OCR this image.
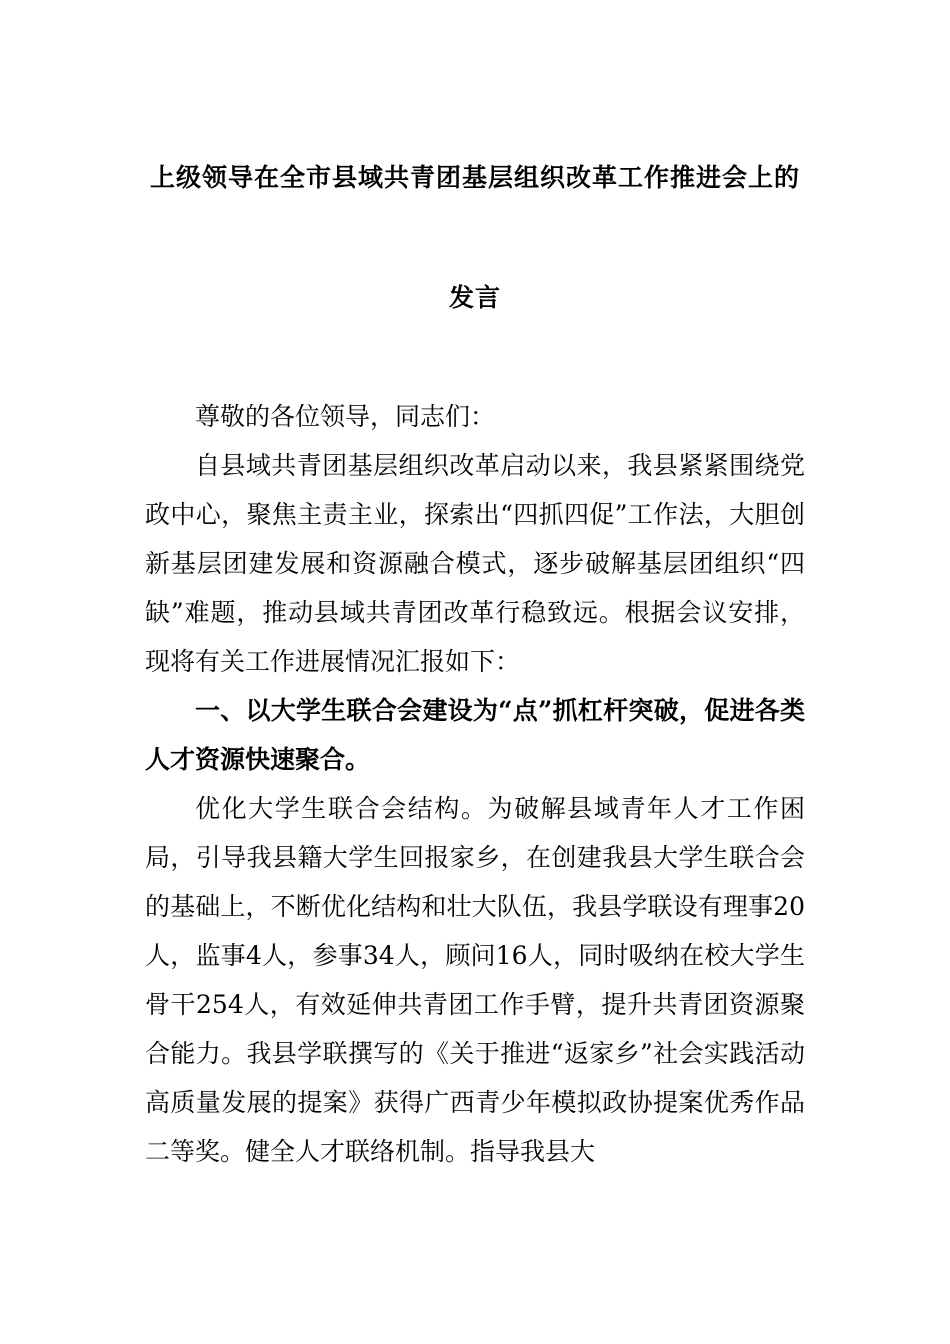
上级领导在全市县域共青团基层组织改革工作推进会上的
发言

尊敬的各位领导，同志们：

自县域共青团基层组织改革启动以来，我县紧紧围绕党政中心，聚焦主责主业，探索出“四抓四促”工作法，大胆创新基层团建发展和资源融合模式，逐步破解基层团组织“四缺”难题，推动县域共青团改革行稳致远。根据会议安排，现将有关工作进展情况汇报如下：

一、以大学生联合会建设为“点”抓杠杆突破，促进各类人才资源快速聚合。

优化大学生联合会结构。为破解县域青年人才工作困局，引导我县籍大学生回报家乡，在创建我县大学生联合会的基础上，不断优化结构和壮大队伍，我县学联设有理事20人，监事4人，参事34人，顾问16人，同时吸纳在校大学生骨干254人，有效延伸共青团工作手臂，提升共青团资源聚合能力。我县学联撰写的《关于推进“返家乡”社会实践活动高质量发展的提案》获得广西青少年模拟政协提案优秀作品二等奖。健全人才联络机制。指导我县大
